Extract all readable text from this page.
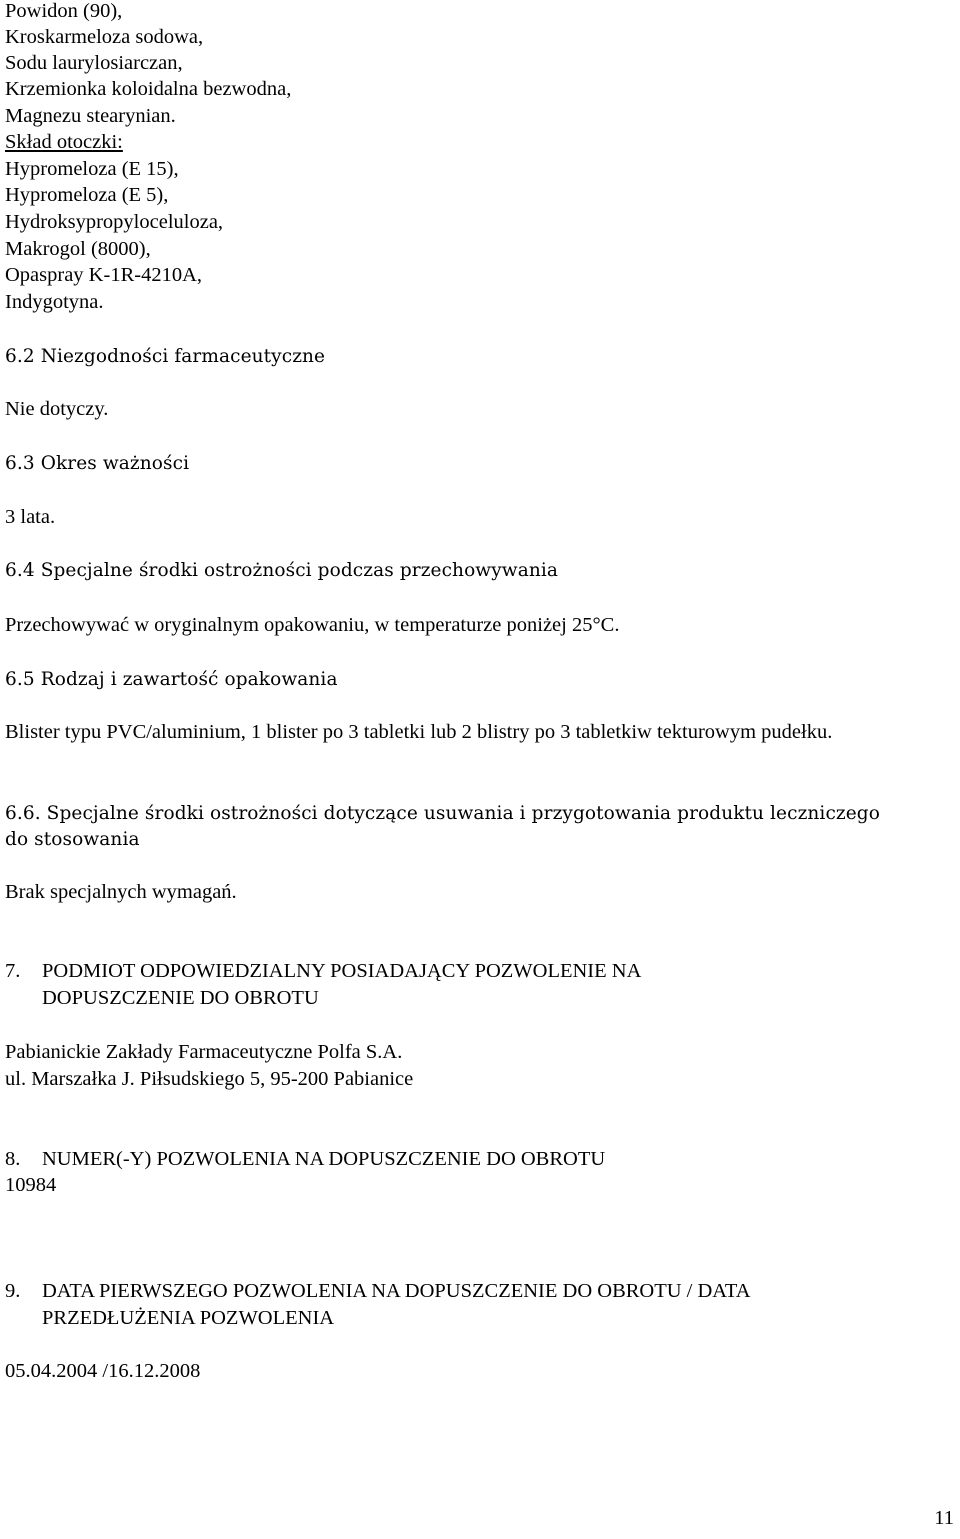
Powidon (90),
Kroskarmeloza sodowa,
Sodu laurylosiarczan,
Krzemionka koloidalna bezwodna,
Magnezu stearynian.
Skład otoczki:
Hypromeloza (E 15),
Hypromeloza (E 5),
Hydroksypropyloceluloza,
Makrogol (8000),
Opaspray K-1R-4210A,
Indygotyna.
6.2 Niezgodności farmaceutyczne
Nie dotyczy.
6.3 Okres ważności
3 lata.
6.4 Specjalne środki ostrożności podczas przechowywania
Przechowywać w oryginalnym opakowaniu, w temperaturze poniżej 25°C.
6.5 Rodzaj i zawartość opakowania
Blister typu PVC/aluminium, 1 blister po 3 tabletki lub 2 blistry po 3 tabletkiw tekturowym pudełku.
6.6. Specjalne środki ostrożności dotyczące usuwania i przygotowania produktu leczniczego
do stosowania
Brak specjalnych wymagań.
7. PODMIOT ODPOWIEDZIALNY POSIADAJĄCY POZWOLENIE NA
DOPUSZCZENIE DO OBROTU
Pabianickie Zakłady Farmaceutyczne Polfa S.A.
ul. Marszałka J. Piłsudskiego 5, 95-200 Pabianice
8. NUMER(-Y) POZWOLENIA NA DOPUSZCZENIE DO OBROTU
10984
9. DATA PIERWSZEGO POZWOLENIA NA DOPUSZCZENIE DO OBROTU / DATA
PRZEDŁUŻENIA POZWOLENIA
05.04.2004 /16.12.2008
11
